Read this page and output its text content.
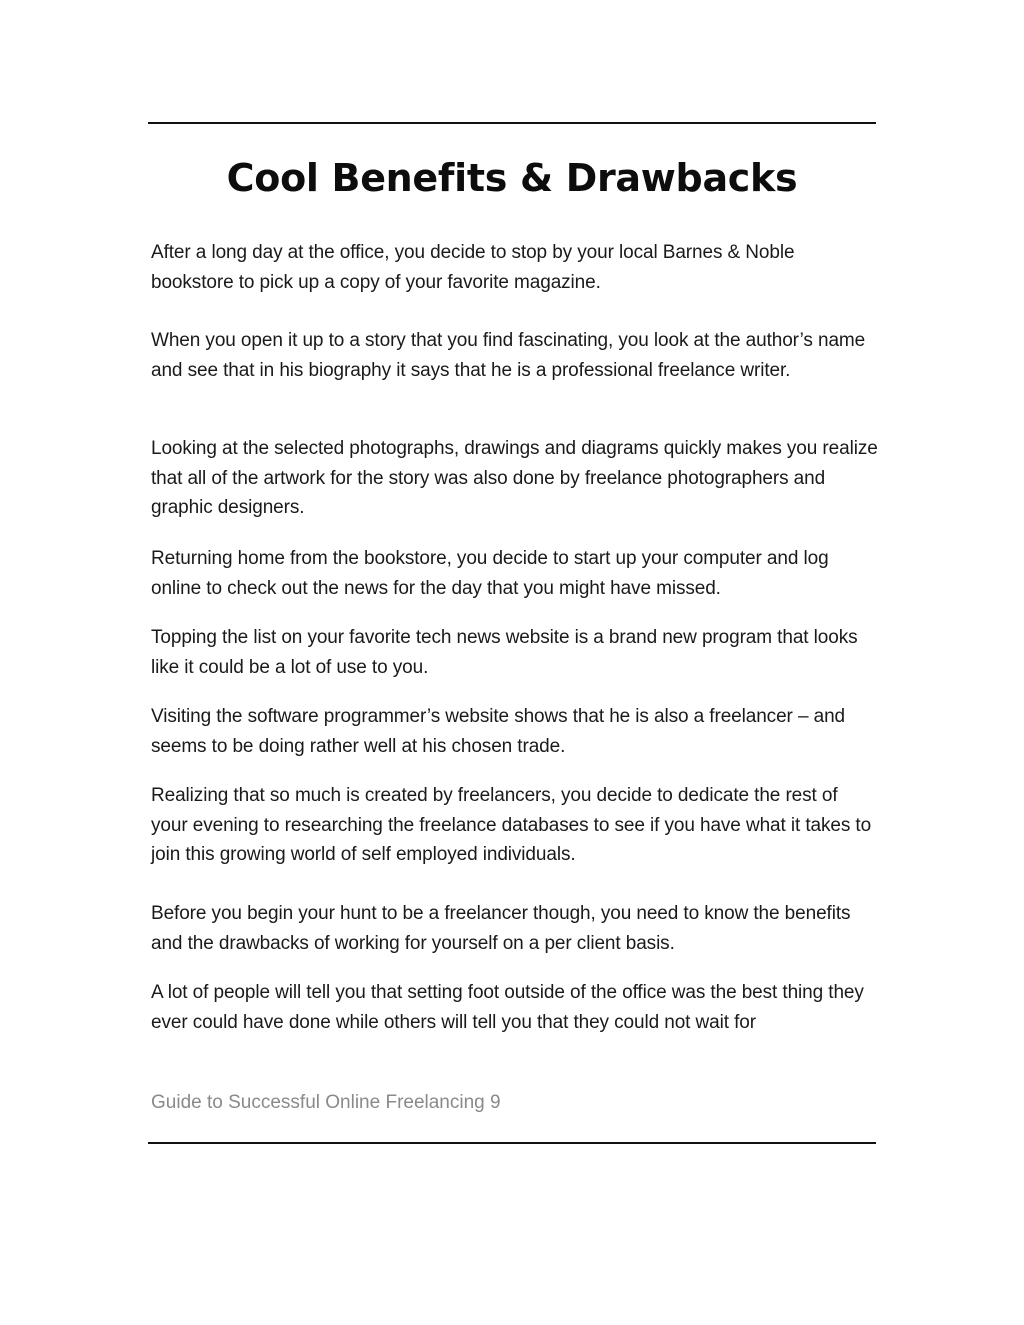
Cool Benefits & Drawbacks

After a long day at the office, you decide to stop by your local Barnes & Noble bookstore to pick up a copy of your favorite magazine.

When you open it up to a story that you find fascinating, you look at the author’s name and see that in his biography it says that he is a professional freelance writer.

Looking at the selected photographs, drawings and diagrams quickly makes you realize that all of the artwork for the story was also done by freelance photographers and graphic designers.

Returning home from the bookstore, you decide to start up your computer and log online to check out the news for the day that you might have missed.

Topping the list on your favorite tech news website is a brand new program that looks like it could be a lot of use to you.

Visiting the software programmer’s website shows that he is also a freelancer – and seems to be doing rather well at his chosen trade.

Realizing that so much is created by freelancers, you decide to dedicate the rest of your evening to researching the freelance databases to see if you have what it takes to join this growing world of self employed individuals.

Before you begin your hunt to be a freelancer though, you need to know the benefits and the drawbacks of working for yourself on a per client basis.

A lot of people will tell you that setting foot outside of the office was the best thing they ever could have done while others will tell you that they could not wait for

Guide to Successful Online Freelancing 9
